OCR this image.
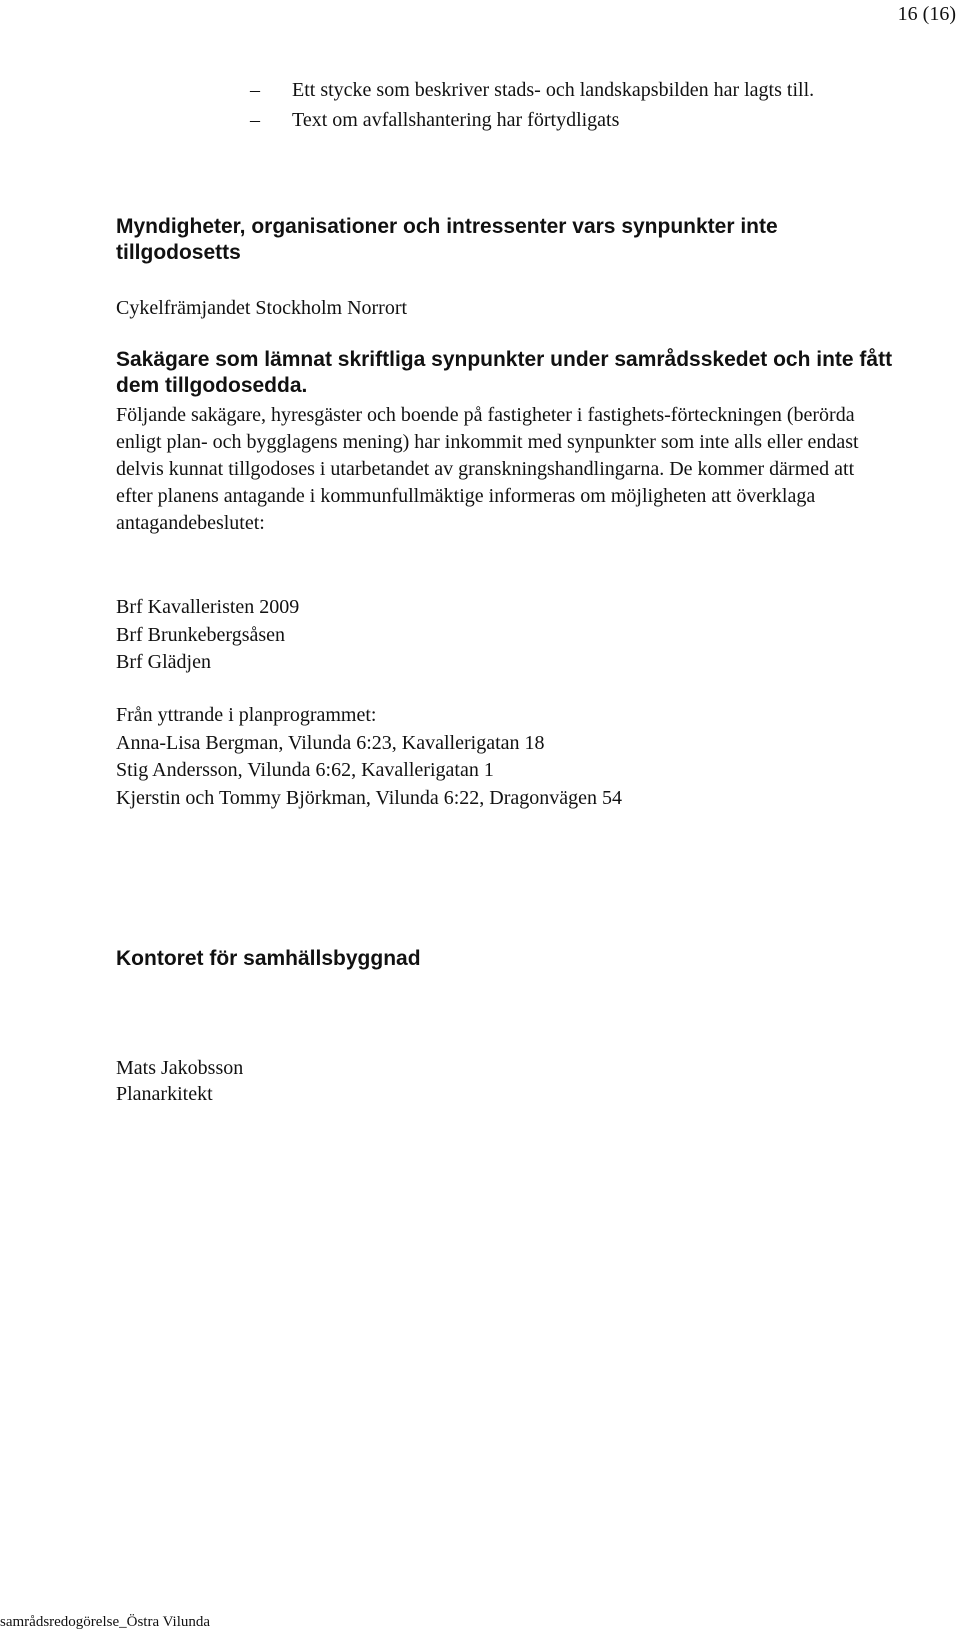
16 (16)
–	Ett stycke som beskriver stads- och landskapsbilden har lagts till.
–	Text om avfallshantering har förtydligats
Myndigheter, organisationer och intressenter vars synpunkter inte tillgodosetts

Cykelfrämjandet Stockholm Norrort

Sakägare som lämnat skriftliga synpunkter under samrådsskedet och inte fått dem tillgodosedda.

Följande sakägare, hyresgäster och boende på fastigheter i fastighets-förteckningen (berörda enligt plan- och bygglagens mening) har inkommit med synpunkter som inte alls eller endast delvis kunnat tillgodoses i utarbetandet av granskningshandlingarna. De kommer därmed att efter planens antagande i kommunfullmäktige informeras om möjligheten att överklaga antagandebeslutet:

Brf Kavalleristen 2009
Brf Brunkebergsåsen
Brf Glädjen
Från yttrande i planprogrammet:
Anna-Lisa Bergman, Vilunda 6:23, Kavallerigatan 18
Stig Andersson, Vilunda 6:62, Kavallerigatan 1
Kjerstin och Tommy Björkman, Vilunda 6:22, Dragonvägen 54
Kontoret för samhällsbyggnad

Mats Jakobsson

Planarkitekt

samrådsredogörelse_Östra Vilunda
